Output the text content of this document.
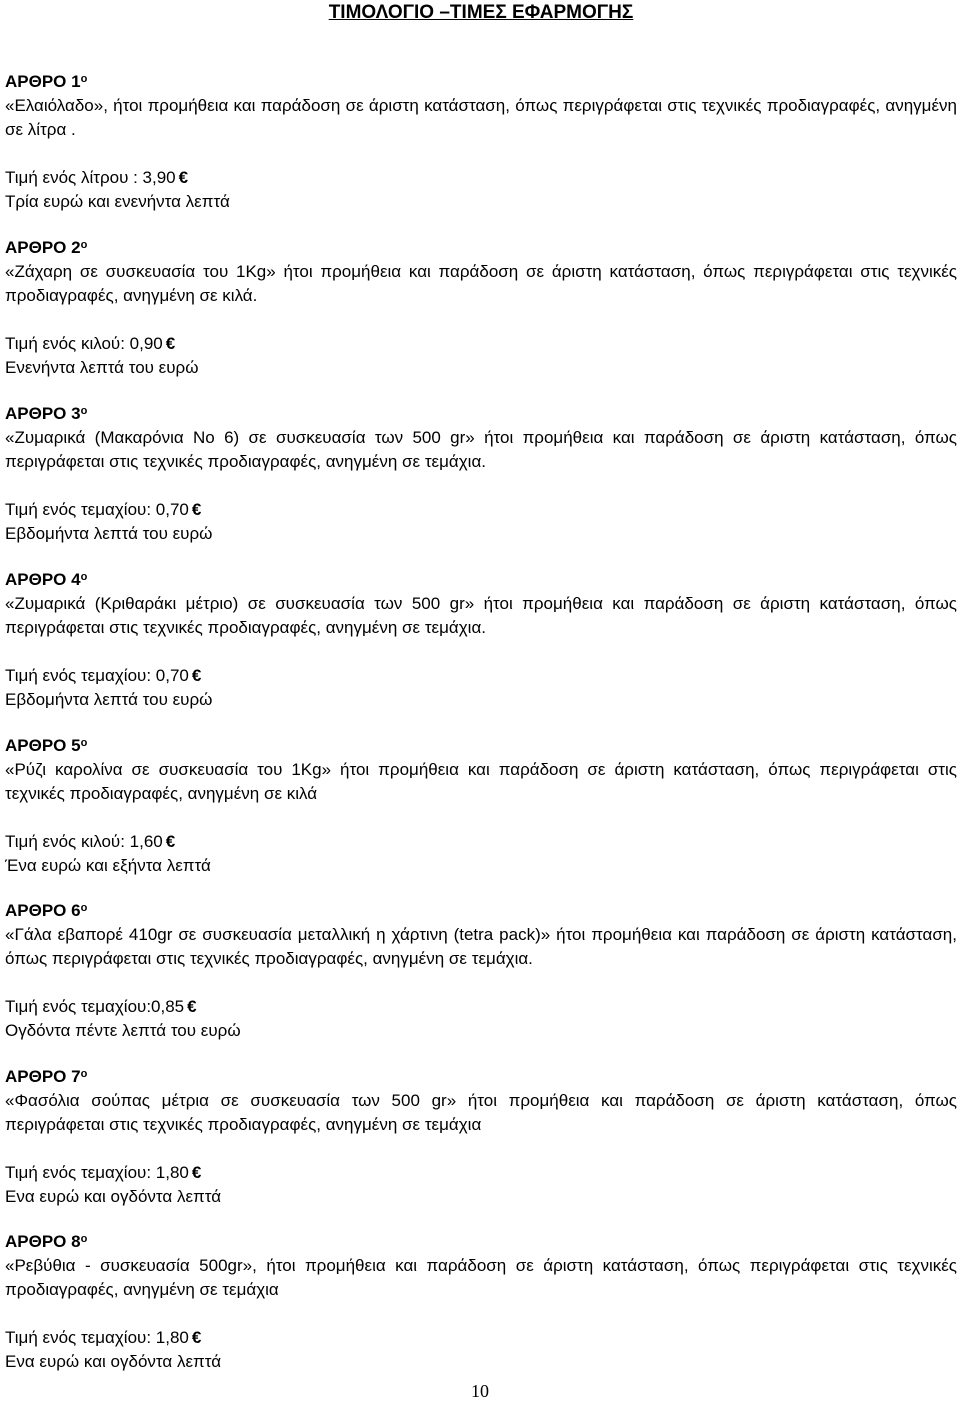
ΤΙΜΟΛΟΓΙΟ –ΤΙΜΕΣ ΕΦΑΡΜΟΓΗΣ

ΑΡΘΡΟ $1^o$

«Ελαιόλαδο», ήτοι προμήθεια και παράδοση σε άριστη κατάσταση, όπως περιγράφεται στις τεχνικές προδιαγραφές, ανηγμένη σε λίτρα .

Τιμή ενός λίτρου : 3,90 €

Τρία ευρώ και ενενήντα λεπτά

ΑΡΘΡΟ $2^o$

«Ζάχαρη σε συσκευασία του 1Kg» ήτοι προμήθεια και παράδοση σε άριστη κατάσταση, όπως περιγράφεται στις τεχνικές προδιαγραφές, ανηγμένη σε κιλά.

Τιμή ενός κιλού: 0,90 €

Ενενήντα λεπτά του ευρώ

ΑΡΘΡΟ $3^o$

«Ζυμαρικά (Μακαρόνια Νο 6) σε συσκευασία των 500 gr» ήτοι προμήθεια και παράδοση σε άριστη κατάσταση, όπως περιγράφεται στις τεχνικές προδιαγραφές, ανηγμένη σε τεμάχια.

Τιμή ενός τεμαχίου: 0,70 €

Εβδομήντα λεπτά του ευρώ

ΑΡΘΡΟ $4^o$

«Ζυμαρικά (Κριθαράκι μέτριο) σε συσκευασία των 500 gr» ήτοι προμήθεια και παράδοση σε άριστη κατάσταση, όπως περιγράφεται στις τεχνικές προδιαγραφές, ανηγμένη σε τεμάχια.

Τιμή ενός τεμαχίου: 0,70 €

Εβδομήντα λεπτά του ευρώ

ΑΡΘΡΟ $5^o$

«Ρύζι καρολίνα σε συσκευασία του 1Kg» ήτοι προμήθεια και παράδοση σε άριστη κατάσταση, όπως περιγράφεται στις τεχνικές προδιαγραφές, ανηγμένη σε κιλά

Τιμή ενός κιλού: 1,60 €

Ένα ευρώ και εξήντα λεπτά

ΑΡΘΡΟ $6^o$

«Γάλα εβαπορέ 410gr σε συσκευασία μεταλλική η χάρτινη (tetra pack)» ήτοι προμήθεια και παράδοση σε άριστη κατάσταση, όπως περιγράφεται στις τεχνικές προδιαγραφές, ανηγμένη σε τεμάχια.

Τιμή ενός τεμαχίου:0,85 €

Ογδόντα πέντε λεπτά του ευρώ

ΑΡΘΡΟ $7^o$

«Φασόλια σούπας μέτρια σε συσκευασία των 500 gr» ήτοι προμήθεια και παράδοση σε άριστη κατάσταση, όπως περιγράφεται στις τεχνικές προδιαγραφές, ανηγμένη σε τεμάχια

Τιμή ενός τεμαχίου: 1,80 €

Ενα ευρώ και ογδόντα λεπτά

ΑΡΘΡΟ $8^o$

«Ρεβύθια - συσκευασία 500gr», ήτοι προμήθεια και παράδοση σε άριστη κατάσταση, όπως περιγράφεται στις τεχνικές προδιαγραφές, ανηγμένη σε τεμάχια

Τιμή ενός τεμαχίου: 1,80 €

Ενα ευρώ και ογδόντα λεπτά

10
